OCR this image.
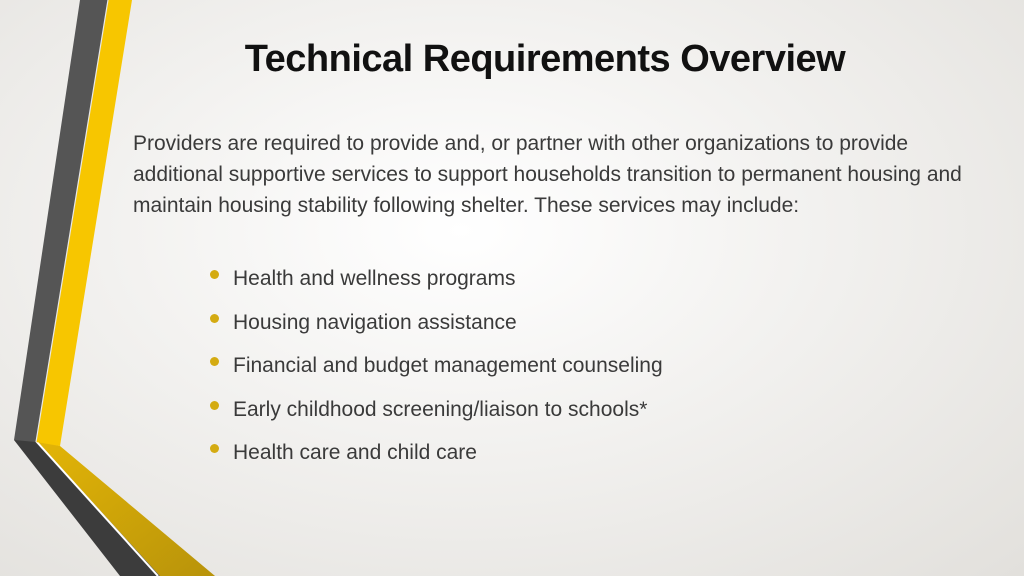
Technical Requirements Overview

Providers are required to provide and, or partner with other organizations to provide additional supportive services to support households transition to permanent housing and maintain housing stability following shelter. These services may include:

Health and wellness programs
Housing navigation assistance
Financial and budget management counseling
Early childhood screening/liaison to schools*
Health care and child care
